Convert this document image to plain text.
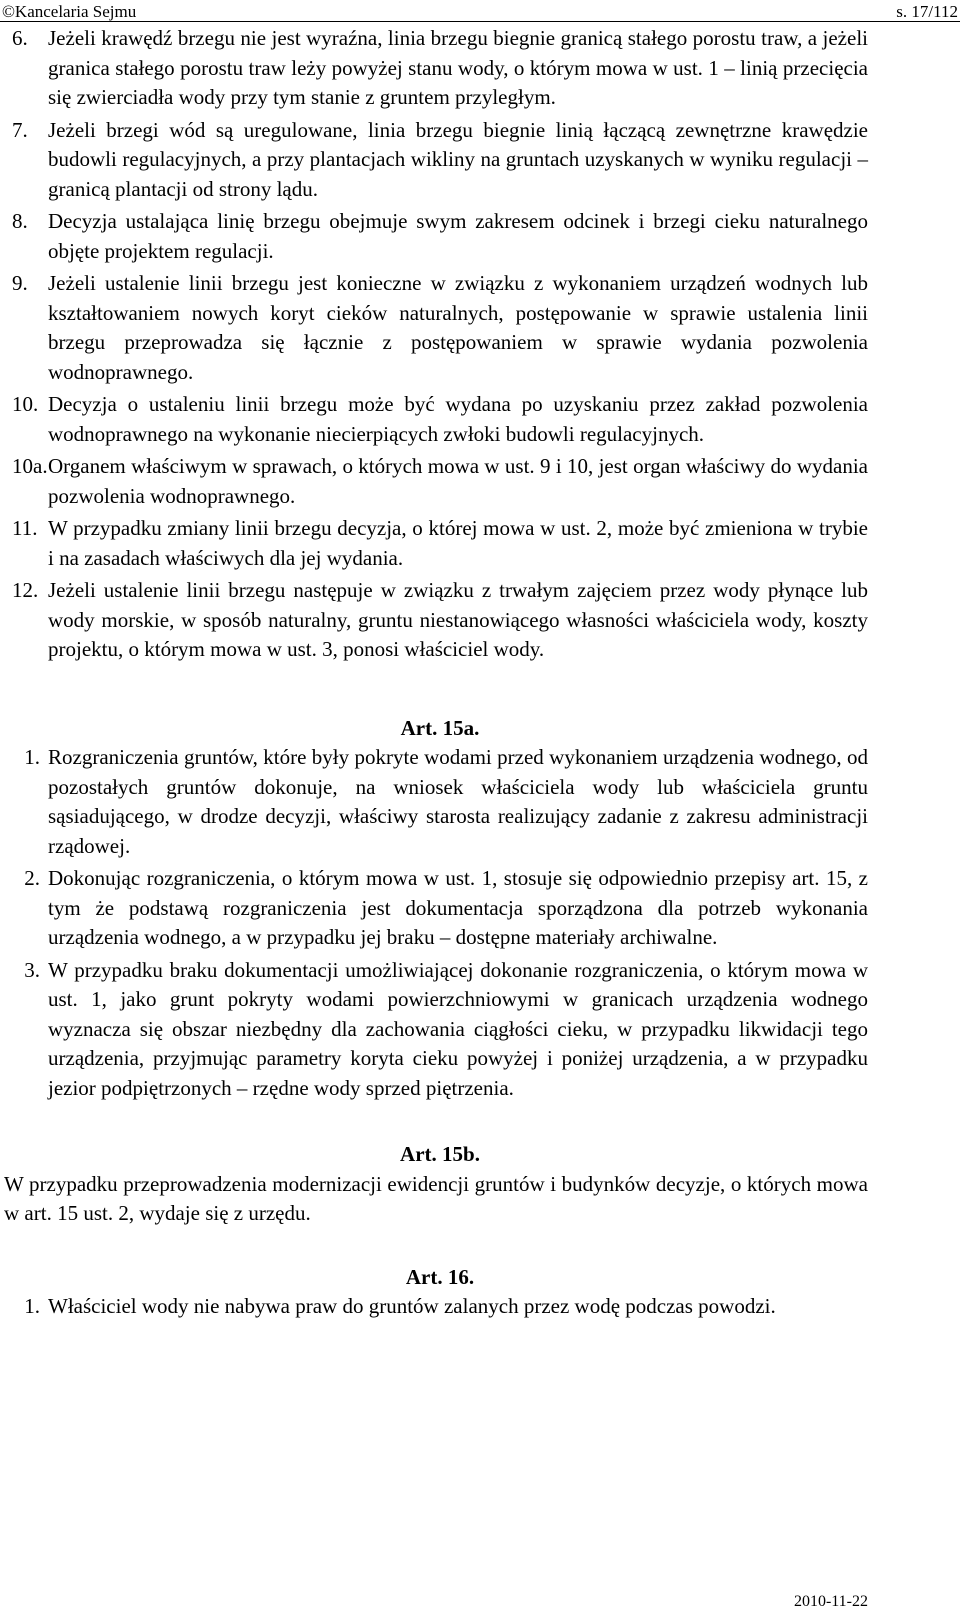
©Kancelaria Sejmu	s. 17/112
6. Jeżeli krawędź brzegu nie jest wyraźna, linia brzegu biegnie granicą stałego porostu traw, a jeżeli granica stałego porostu traw leży powyżej stanu wody, o którym mowa w ust. 1 – linią przecięcia się zwierciadła wody przy tym stanie z gruntem przyległym.
7. Jeżeli brzegi wód są uregulowane, linia brzegu biegnie linią łączącą zewnętrzne krawędzie budowli regulacyjnych, a przy plantacjach wikliny na gruntach uzyskanych w wyniku regulacji – granicą plantacji od strony lądu.
8. Decyzja ustalająca linię brzegu obejmuje swym zakresem odcinek i brzegi cieku naturalnego objęte projektem regulacji.
9. Jeżeli ustalenie linii brzegu jest konieczne w związku z wykonaniem urządzeń wodnych lub kształtowaniem nowych koryt cieków naturalnych, postępowanie w sprawie ustalenia linii brzegu przeprowadza się łącznie z postępowaniem w sprawie wydania pozwolenia wodnoprawnego.
10. Decyzja o ustaleniu linii brzegu może być wydana po uzyskaniu przez zakład pozwolenia wodnoprawnego na wykonanie niecierpiących zwłoki budowli regulacyjnych.
10a. Organem właściwym w sprawach, o których mowa w ust. 9 i 10, jest organ właściwy do wydania pozwolenia wodnoprawnego.
11. W przypadku zmiany linii brzegu decyzja, o której mowa w ust. 2, może być zmieniona w trybie i na zasadach właściwych dla jej wydania.
12. Jeżeli ustalenie linii brzegu następuje w związku z trwałym zajęciem przez wody płynące lub wody morskie, w sposób naturalny, gruntu niestanowiącego własności właściciela wody, koszty projektu, o którym mowa w ust. 3, ponosi właściciel wody.
Art. 15a.
1. Rozgraniczenia gruntów, które były pokryte wodami przed wykonaniem urządzenia wodnego, od pozostałych gruntów dokonuje, na wniosek właściciela wody lub właściciela gruntu sąsiadującego, w drodze decyzji, właściwy starosta realizujący zadanie z zakresu administracji rządowej.
2. Dokonując rozgraniczenia, o którym mowa w ust. 1, stosuje się odpowiednio przepisy art. 15, z tym że podstawą rozgraniczenia jest dokumentacja sporządzona dla potrzeb wykonania urządzenia wodnego, a w przypadku jej braku – dostępne materiały archiwalne.
3. W przypadku braku dokumentacji umożliwiającej dokonanie rozgraniczenia, o którym mowa w ust. 1, jako grunt pokryty wodami powierzchniowymi w granicach urządzenia wodnego wyznacza się obszar niezbędny dla zachowania ciągłości cieku, w przypadku likwidacji tego urządzenia, przyjmując parametry koryta cieku powyżej i poniżej urządzenia, a w przypadku jezior podpiętrzonych – rzędne wody sprzed piętrzenia.
Art. 15b.
W przypadku przeprowadzenia modernizacji ewidencji gruntów i budynków decyzje, o których mowa w art. 15 ust. 2, wydaje się z urzędu.
Art. 16.
1. Właściciel wody nie nabywa praw do gruntów zalanych przez wodę podczas powodzi.
2010-11-22
